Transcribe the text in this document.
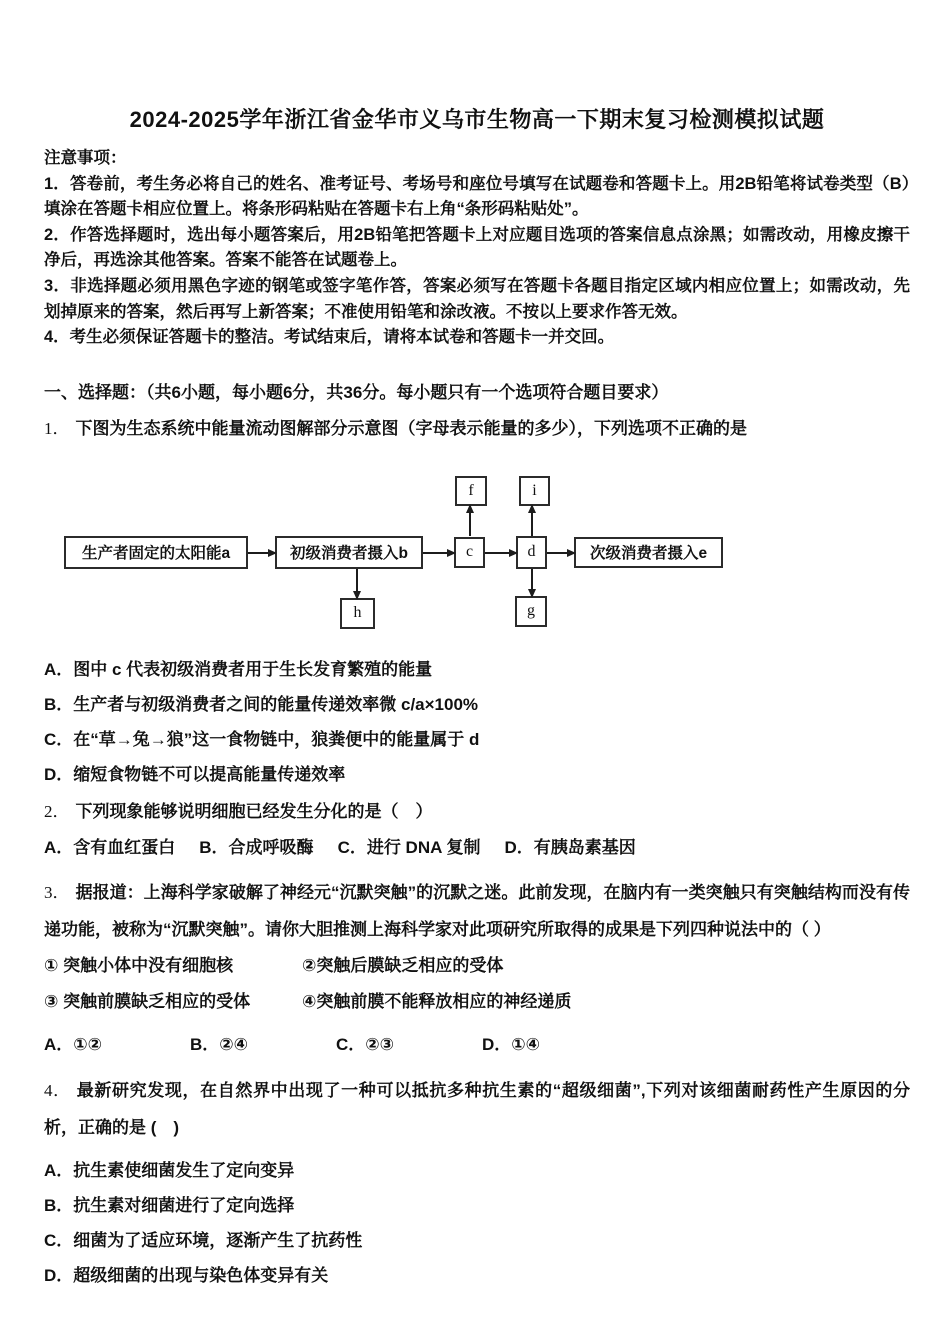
2024-2025学年浙江省金华市义乌市生物高一下期末复习检测模拟试题

注意事项：

1．答卷前，考生务必将自己的姓名、准考证号、考场号和座位号填写在试题卷和答题卡上。用2B铅笔将试卷类型（B）填涂在答题卡相应位置上。将条形码粘贴在答题卡右上角“条形码粘贴处”。

2．作答选择题时，选出每小题答案后，用2B铅笔把答题卡上对应题目选项的答案信息点涂黑；如需改动，用橡皮擦干净后，再选涂其他答案。答案不能答在试题卷上。

3．非选择题必须用黑色字迹的钢笔或签字笔作答，答案必须写在答题卡各题目指定区域内相应位置上；如需改动，先划掉原来的答案，然后再写上新答案；不准使用铅笔和涂改液。不按以上要求作答无效。

4．考生必须保证答题卡的整洁。考试结束后，请将本试卷和答题卡一并交回。

一、选择题：（共6小题，每小题6分，共36分。每小题只有一个选项符合题目要求）

1． 下图为生态系统中能量流动图解部分示意图（字母表示能量的多少），下列选项不正确的是

f	i
生产者固定的太阳能a	初级消费者摄入b	c	d	次级消费者摄入e
h	g

A．图中 c 代表初级消费者用于生长发育繁殖的能量

B．生产者与初级消费者之间的能量传递效率微 c/a×100%

C．在“草→兔→狼”这一食物链中，狼粪便中的能量属于 d

D．缩短食物链不可以提高能量传递效率

2． 下列现象能够说明细胞已经发生分化的是（　）

A．含有血红蛋白 B．合成呼吸酶 C．进行 DNA 复制 D．有胰岛素基因

3． 据报道：上海科学家破解了神经元“沉默突触”的沉默之迷。此前发现，在脑内有一类突触只有突触结构而没有传递功能，被称为“沉默突触”。请你大胆推测上海科学家对此项研究所取得的成果是下列四种说法中的（ ）

① 突触小体中没有细胞核	②突触后膜缺乏相应的受体
③ 突触前膜缺乏相应的受体	④突触前膜不能释放相应的神经递质
A．①②	B．②④	C．②③	D．①④

4． 最新研究发现，在自然界中出现了一种可以抵抗多种抗生素的“超级细菌”,下列对该细菌耐药性产生原因的分析，正确的是 (　)

A．抗生素使细菌发生了定向变异

B．抗生素对细菌进行了定向选择

C．细菌为了适应环境，逐渐产生了抗药性

D．超级细菌的出现与染色体变异有关
